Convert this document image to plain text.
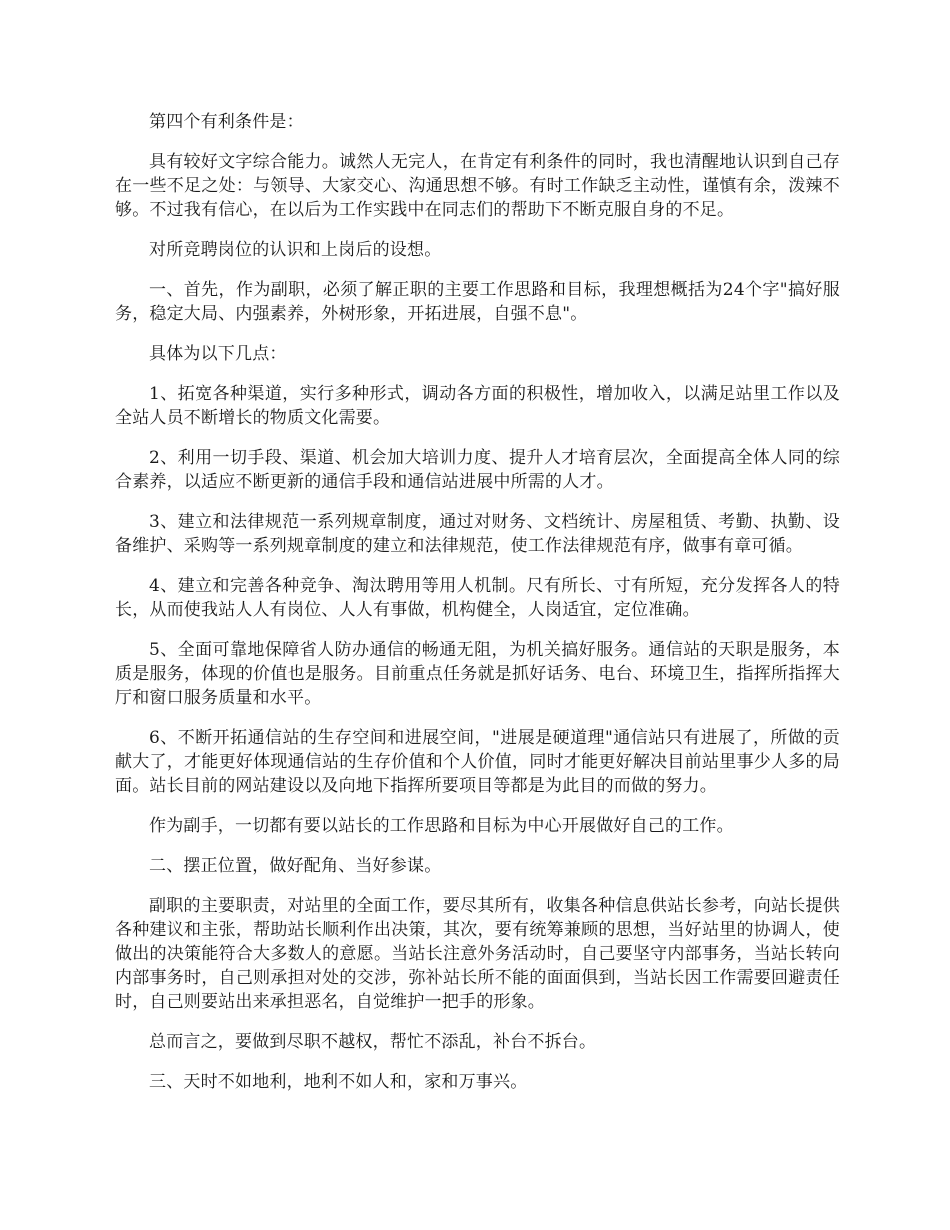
第四个有利条件是：

具有较好文字综合能力。诚然人无完人，在肯定有利条件的同时，我也清醒地认识到自己存在一些不足之处：与领导、大家交心、沟通思想不够。有时工作缺乏主动性，谨慎有余，泼辣不够。不过我有信心，在以后为工作实践中在同志们的帮助下不断克服自身的不足。

对所竞聘岗位的认识和上岗后的设想。

一、首先，作为副职，必须了解正职的主要工作思路和目标，我理想概括为24个字"搞好服务，稳定大局、内强素养，外树形象，开拓进展，自强不息"。

具体为以下几点：

1、拓宽各种渠道，实行多种形式，调动各方面的积极性，增加收入，以满足站里工作以及全站人员不断增长的物质文化需要。

2、利用一切手段、渠道、机会加大培训力度、提升人才培育层次，全面提高全体人同的综合素养，以适应不断更新的通信手段和通信站进展中所需的人才。

3、建立和法律规范一系列规章制度，通过对财务、文档统计、房屋租赁、考勤、执勤、设备维护、采购等一系列规章制度的建立和法律规范，使工作法律规范有序，做事有章可循。

4、建立和完善各种竞争、淘汰聘用等用人机制。尺有所长、寸有所短，充分发挥各人的特长，从而使我站人人有岗位、人人有事做，机构健全，人岗适宜，定位准确。

5、全面可靠地保障省人防办通信的畅通无阻，为机关搞好服务。通信站的天职是服务，本质是服务，体现的价值也是服务。目前重点任务就是抓好话务、电台、环境卫生，指挥所指挥大厅和窗口服务质量和水平。

6、不断开拓通信站的生存空间和进展空间，"进展是硬道理"通信站只有进展了，所做的贡献大了，才能更好体现通信站的生存价值和个人价值，同时才能更好解决目前站里事少人多的局面。站长目前的网站建设以及向地下指挥所要项目等都是为此目的而做的努力。

作为副手，一切都有要以站长的工作思路和目标为中心开展做好自己的工作。

二、摆正位置，做好配角、当好参谋。

副职的主要职责，对站里的全面工作，要尽其所有，收集各种信息供站长参考，向站长提供各种建议和主张，帮助站长顺利作出决策，其次，要有统筹兼顾的思想，当好站里的协调人，使做出的决策能符合大多数人的意愿。当站长注意外务活动时，自己要坚守内部事务，当站长转向内部事务时，自己则承担对处的交涉，弥补站长所不能的面面俱到，当站长因工作需要回避责任时，自己则要站出来承担恶名，自觉维护一把手的形象。

总而言之，要做到尽职不越权，帮忙不添乱，补台不拆台。

三、天时不如地利，地利不如人和，家和万事兴。
